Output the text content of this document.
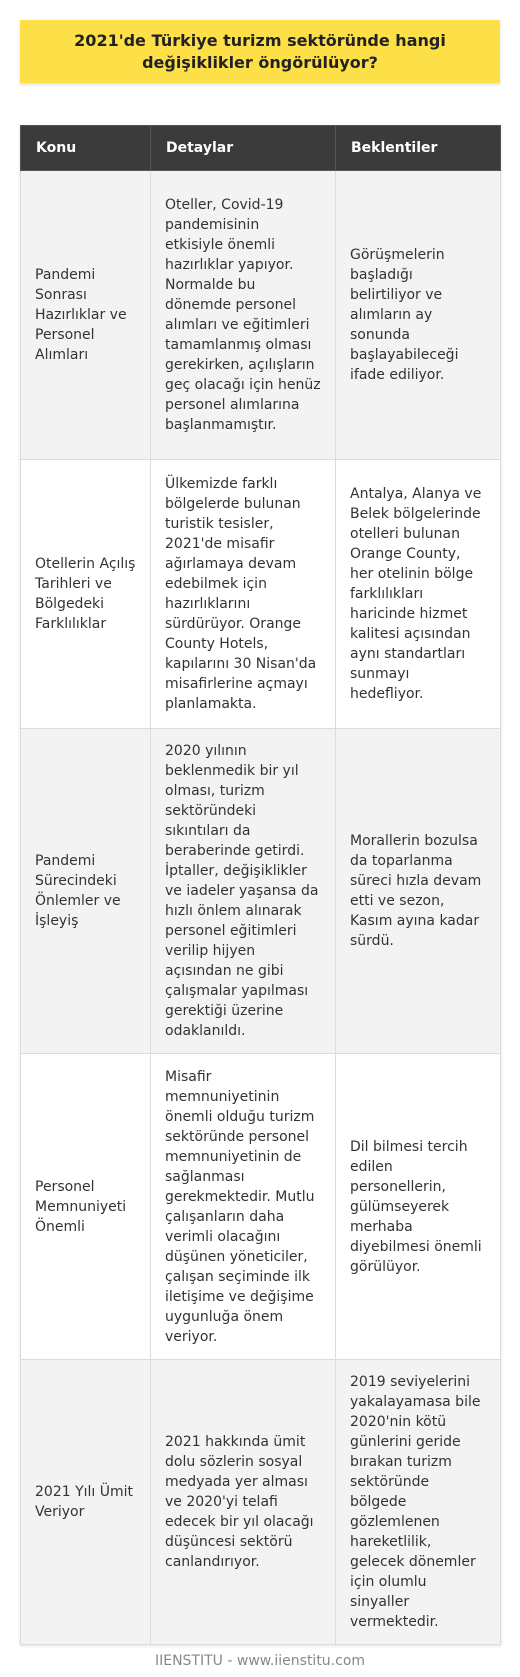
2021'de Türkiye turizm sektöründe hangi değişiklikler öngörülüyor?
Konu	Detaylar	Beklentiler
Pandemi Sonrası Hazırlıklar ve Personel Alımları	Oteller, Covid-19 pandemisinin etkisiyle önemli hazırlıklar yapıyor. Normalde bu dönemde personel alımları ve eğitimleri tamamlanmış olması gerekirken, açılışların geç olacağı için henüz personel alımlarına başlanmamıştır.	Görüşmelerin başladığı belirtiliyor ve alımların ay sonunda başlayabileceği ifade ediliyor.
Otellerin Açılış Tarihleri ve Bölgedeki Farklılıklar	Ülkemizde farklı bölgelerde bulunan turistik tesisler, 2021'de misafir ağırlamaya devam edebilmek için hazırlıklarını sürdürüyor. Orange County Hotels, kapılarını 30 Nisan'da misafirlerine açmayı planlamakta.	Antalya, Alanya ve Belek bölgelerinde otelleri bulunan Orange County, her otelinin bölge farklılıkları haricinde hizmet kalitesi açısından aynı standartları sunmayı hedefliyor.
Pandemi Sürecindeki Önlemler ve İşleyiş	2020 yılının beklenmedik bir yıl olması, turizm sektöründeki sıkıntıları da beraberinde getirdi. İptaller, değişiklikler ve iadeler yaşansa da hızlı önlem alınarak personel eğitimleri verilip hijyen açısından ne gibi çalışmalar yapılması gerektiği üzerine odaklanıldı.	Morallerin bozulsa da toparlanma süreci hızla devam etti ve sezon, Kasım ayına kadar sürdü.
Personel Memnuniyeti Önemli	Misafir memnuniyetinin önemli olduğu turizm sektöründe personel memnuniyetinin de sağlanması gerekmektedir. Mutlu çalışanların daha verimli olacağını düşünen yöneticiler, çalışan seçiminde ilk iletişime ve değişime uygunluğa önem veriyor.	Dil bilmesi tercih edilen personellerin, gülümseyerek merhaba diyebilmesi önemli görülüyor.
2021 Yılı Ümit Veriyor	2021 hakkında ümit dolu sözlerin sosyal medyada yer alması ve 2020'yi telafi edecek bir yıl olacağı düşüncesi sektörü canlandırıyor.	2019 seviyelerini yakalayamasa bile 2020'nin kötü günlerini geride bırakan turizm sektöründe bölgede gözlemlenen hareketlilik, gelecek dönemler için olumlu sinyaller vermektedir.
IIENSTITU - www.iienstitu.com
